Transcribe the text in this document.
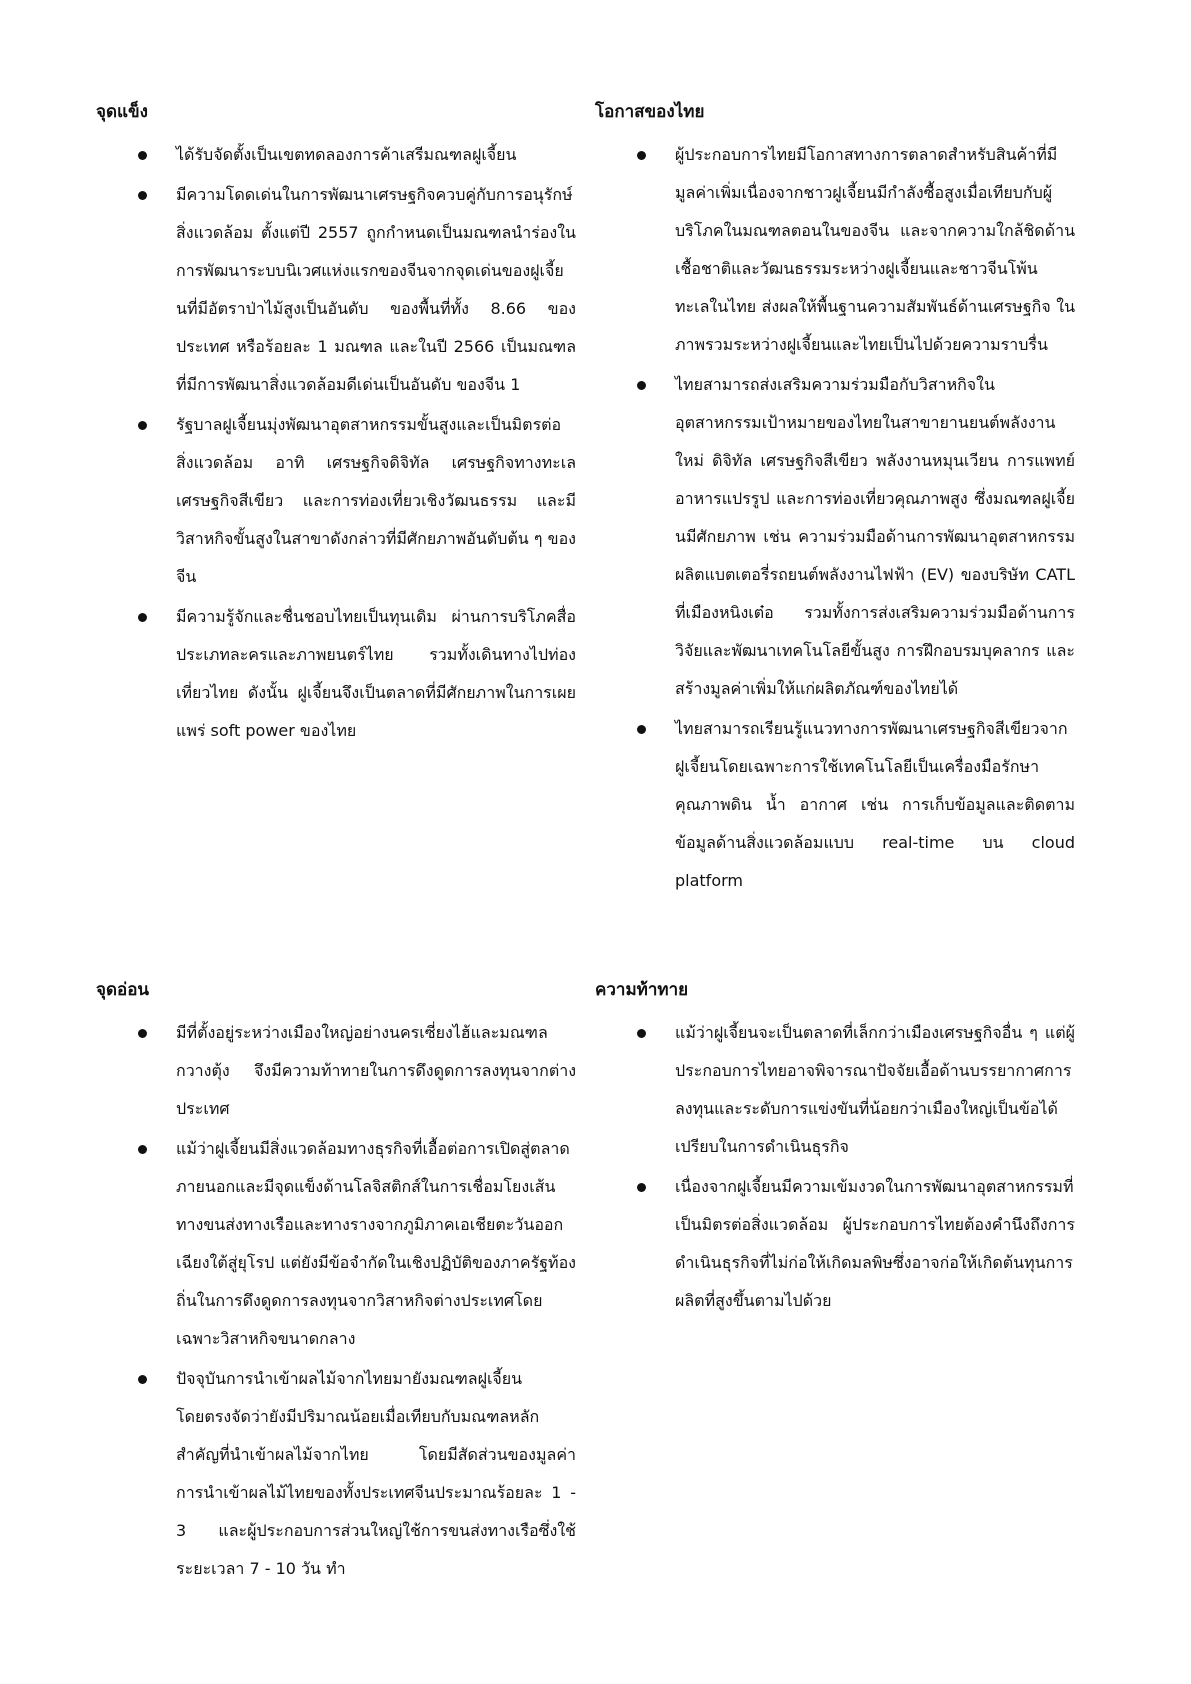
จุดแข็ง
ได้รับจัดตั้งเป็นเขตทดลองการค้าเสรีมณฑลฝูเจี้ยน
มีความโดดเด่นในการพัฒนาเศรษฐกิจควบคู่กับการอนุรักษ์สิ่งแวดล้อม ตั้งแต่ปี 2557 ถูกกำหนดเป็นมณฑลนำร่องในการพัฒนาระบบนิเวศแห่งแรกของจีนจากจุดเด่นของฝูเจี้ยนที่มีอัตราป่าไม้สูงเป็นอันดับ ของพื้นที่ทั้ง 8.66 ของประเทศ หรือร้อยละ 1 มณฑล และในปี 2566 เป็นมณฑลที่มีการพัฒนาสิ่งแวดล้อมดีเด่นเป็นอันดับ ของจีน 1
รัฐบาลฝูเจี้ยนมุ่งพัฒนาอุตสาหกรรมขั้นสูงและเป็นมิตรต่อสิ่งแวดล้อม อาทิ เศรษฐกิจดิจิทัล เศรษฐกิจทางทะเล เศรษฐกิจสีเขียว และการท่องเที่ยวเชิงวัฒนธรรม และมีวิสาหกิจขั้นสูงในสาขาดังกล่าวที่มีศักยภาพอันดับต้น ๆ ของจีน
มีความรู้จักและชื่นชอบไทยเป็นทุนเดิม ผ่านการบริโภคสื่อประเภทละครและภาพยนตร์ไทย รวมทั้งเดินทางไปท่องเที่ยวไทย ดังนั้น ฝูเจี้ยนจึงเป็นตลาดที่มีศักยภาพในการเผยแพร่ soft power ของไทย
โอกาสของไทย
ผู้ประกอบการไทยมีโอกาสทางการตลาดสำหรับสินค้าที่มีมูลค่าเพิ่มเนื่องจากชาวฝูเจี้ยนมีกำลังซื้อสูงเมื่อเทียบกับผู้บริโภคในมณฑลตอนในของจีน และจากความใกล้ชิดด้านเชื้อชาติและวัฒนธรรมระหว่างฝูเจี้ยนและชาวจีนโพ้นทะเลในไทย ส่งผลให้พื้นฐานความสัมพันธ์ด้านเศรษฐกิจ ในภาพรวมระหว่างฝูเจี้ยนและไทยเป็นไปด้วยความราบรื่น
ไทยสามารถส่งเสริมความร่วมมือกับวิสาหกิจในอุตสาหกรรมเป้าหมายของไทยในสาขายานยนต์พลังงานใหม่ ดิจิทัล เศรษฐกิจสีเขียว พลังงานหมุนเวียน การแพทย์ อาหารแปรรูป และการท่องเที่ยวคุณภาพสูง ซึ่งมณฑลฝูเจี้ยนมีศักยภาพ เช่น ความร่วมมือด้านการพัฒนาอุตสาหกรรมผลิตแบตเตอรี่รถยนต์พลังงานไฟฟ้า (EV) ของบริษัท CATL ที่เมืองหนิงเต๋อ รวมทั้งการส่งเสริมความร่วมมือด้านการวิจัยและพัฒนาเทคโนโลยีขั้นสูง การฝึกอบรมบุคลากร และสร้างมูลค่าเพิ่มให้แก่ผลิตภัณฑ์ของไทยได้
ไทยสามารถเรียนรู้แนวทางการพัฒนาเศรษฐกิจสีเขียวจากฝูเจี้ยนโดยเฉพาะการใช้เทคโนโลยีเป็นเครื่องมือรักษาคุณภาพดิน น้ำ อากาศ เช่น การเก็บข้อมูลและติดตามข้อมูลด้านสิ่งแวดล้อมแบบ real-time บน cloud platform
จุดอ่อน
มีที่ตั้งอยู่ระหว่างเมืองใหญ่อย่างนครเซี่ยงไฮ้และมณฑลกวางตุ้ง จึงมีความท้าทายในการดึงดูดการลงทุนจากต่างประเทศ
แม้ว่าฝูเจี้ยนมีสิ่งแวดล้อมทางธุรกิจที่เอื้อต่อการเปิดสู่ตลาดภายนอกและมีจุดแข็งด้านโลจิสติกส์ในการเชื่อมโยงเส้นทางขนส่งทางเรือและทางรางจากภูมิภาคเอเชียตะวันออกเฉียงใต้สู่ยุโรป แต่ยังมีข้อจำกัดในเชิงปฏิบัติของภาครัฐท้องถิ่นในการดึงดูดการลงทุนจากวิสาหกิจต่างประเทศโดยเฉพาะวิสาหกิจขนาดกลาง
ปัจจุบันการนำเข้าผลไม้จากไทยมายังมณฑลฝูเจี้ยนโดยตรงจัดว่ายังมีปริมาณน้อยเมื่อเทียบกับมณฑลหลักสำคัญที่นำเข้าผลไม้จากไทย โดยมีสัดส่วนของมูลค่าการนำเข้าผลไม้ไทยของทั้งประเทศจีนประมาณร้อยละ 1 - 3 และผู้ประกอบการส่วนใหญ่ใช้การขนส่งทางเรือซึ่งใช้ระยะเวลา 7 - 10 วัน ทำ
ความท้าทาย
แม้ว่าฝูเจี้ยนจะเป็นตลาดที่เล็กกว่าเมืองเศรษฐกิจอื่น ๆ แต่ผู้ประกอบการไทยอาจพิจารณาปัจจัยเอื้อด้านบรรยากาศการลงทุนและระดับการแข่งขันที่น้อยกว่าเมืองใหญ่เป็นข้อได้เปรียบในการดำเนินธุรกิจ
เนื่องจากฝูเจี้ยนมีความเข้มงวดในการพัฒนาอุตสาหกรรมที่เป็นมิตรต่อสิ่งแวดล้อม ผู้ประกอบการไทยต้องคำนึงถึงการดำเนินธุรกิจที่ไม่ก่อให้เกิดมลพิษซึ่งอาจก่อให้เกิดต้นทุนการผลิตที่สูงขึ้นตามไปด้วย
